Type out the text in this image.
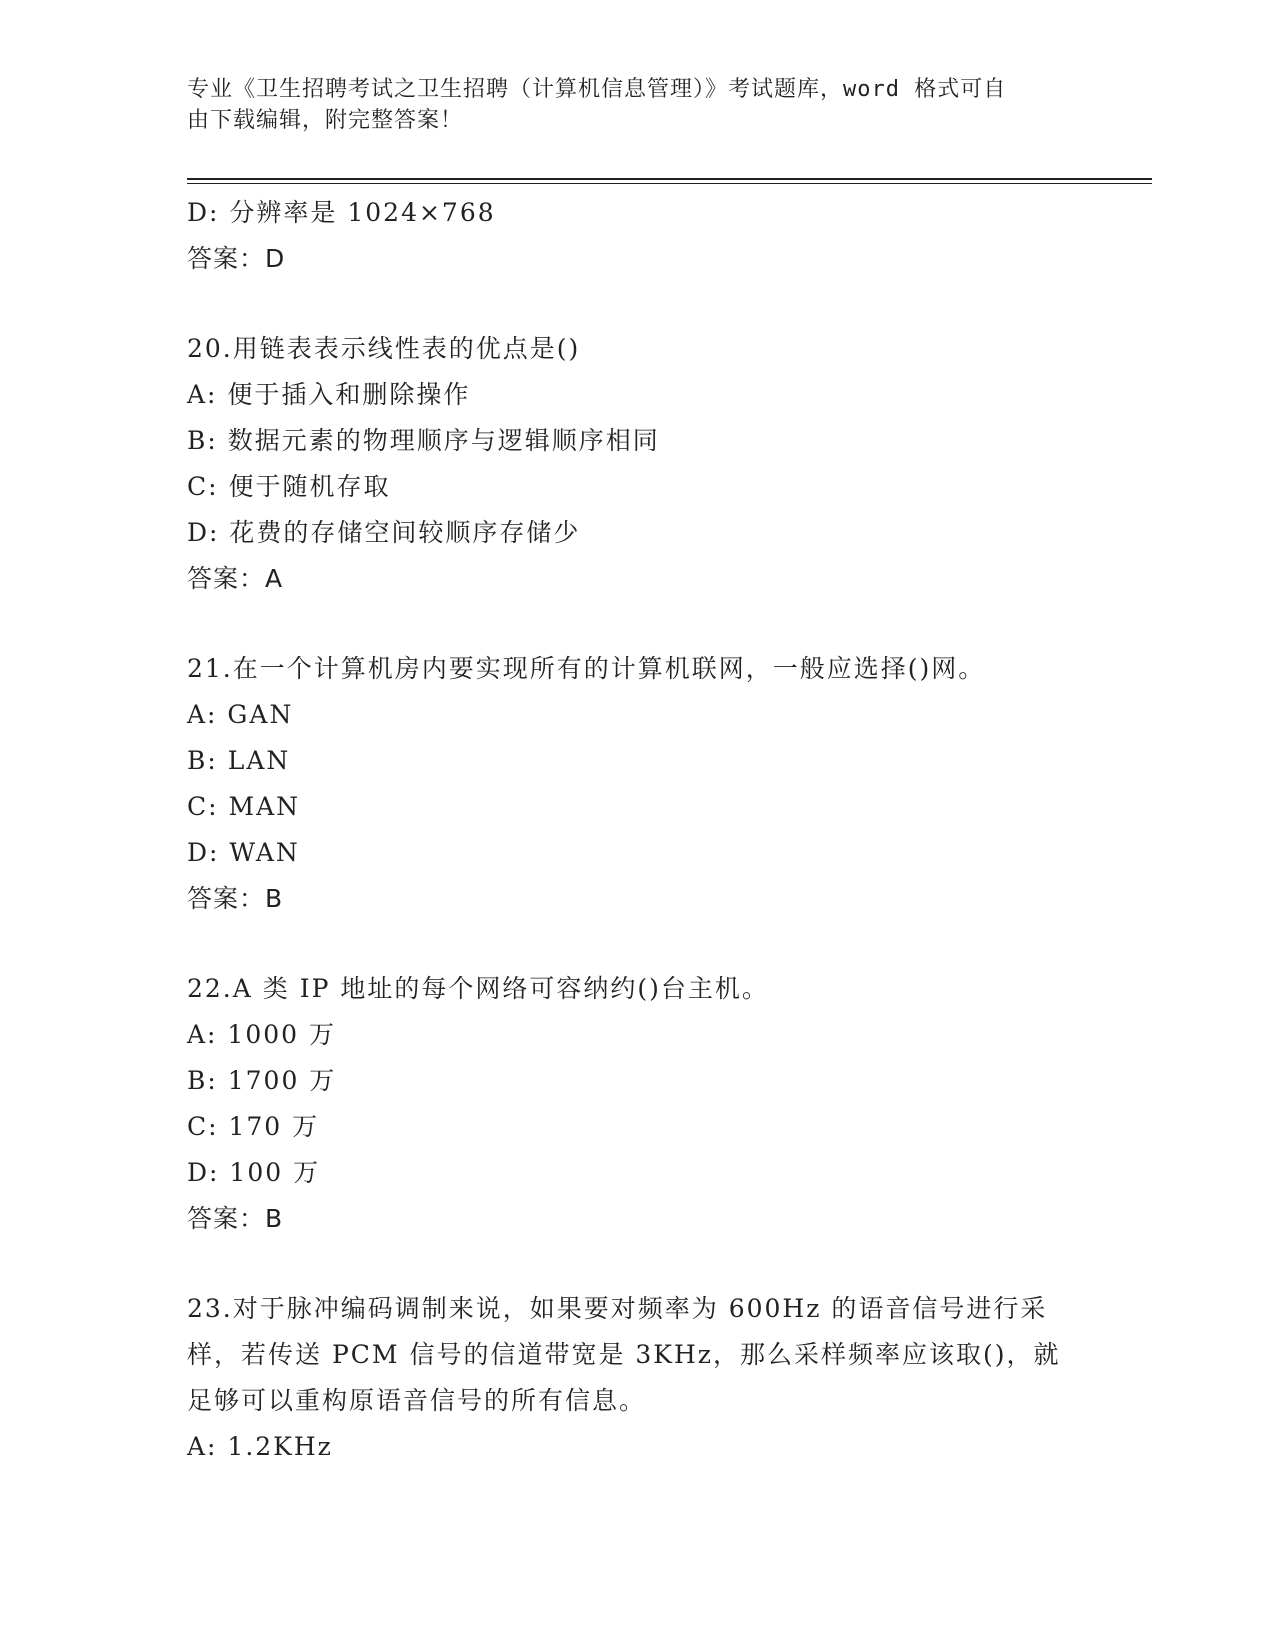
专业《卫生招聘考试之卫生招聘（计算机信息管理）》考试题库，word 格式可自
由下载编辑，附完整答案！
D: 分辨率是 1024×768
答案：D
20.用链表表示线性表的优点是()
A: 便于插入和删除操作
B: 数据元素的物理顺序与逻辑顺序相同
C: 便于随机存取
D: 花费的存储空间较顺序存储少
答案：A
21.在一个计算机房内要实现所有的计算机联网，一般应选择()网。
A: GAN
B: LAN
C: MAN
D: WAN
答案：B
22.A 类 IP 地址的每个网络可容纳约()台主机。
A: 1000 万
B: 1700 万
C: 170 万
D: 100 万
答案：B
23.对于脉冲编码调制来说，如果要对频率为 600Hz 的语音信号进行采
样，若传送 PCM 信号的信道带宽是 3KHz，那么采样频率应该取()，就
足够可以重构原语音信号的所有信息。
A: 1.2KHz
